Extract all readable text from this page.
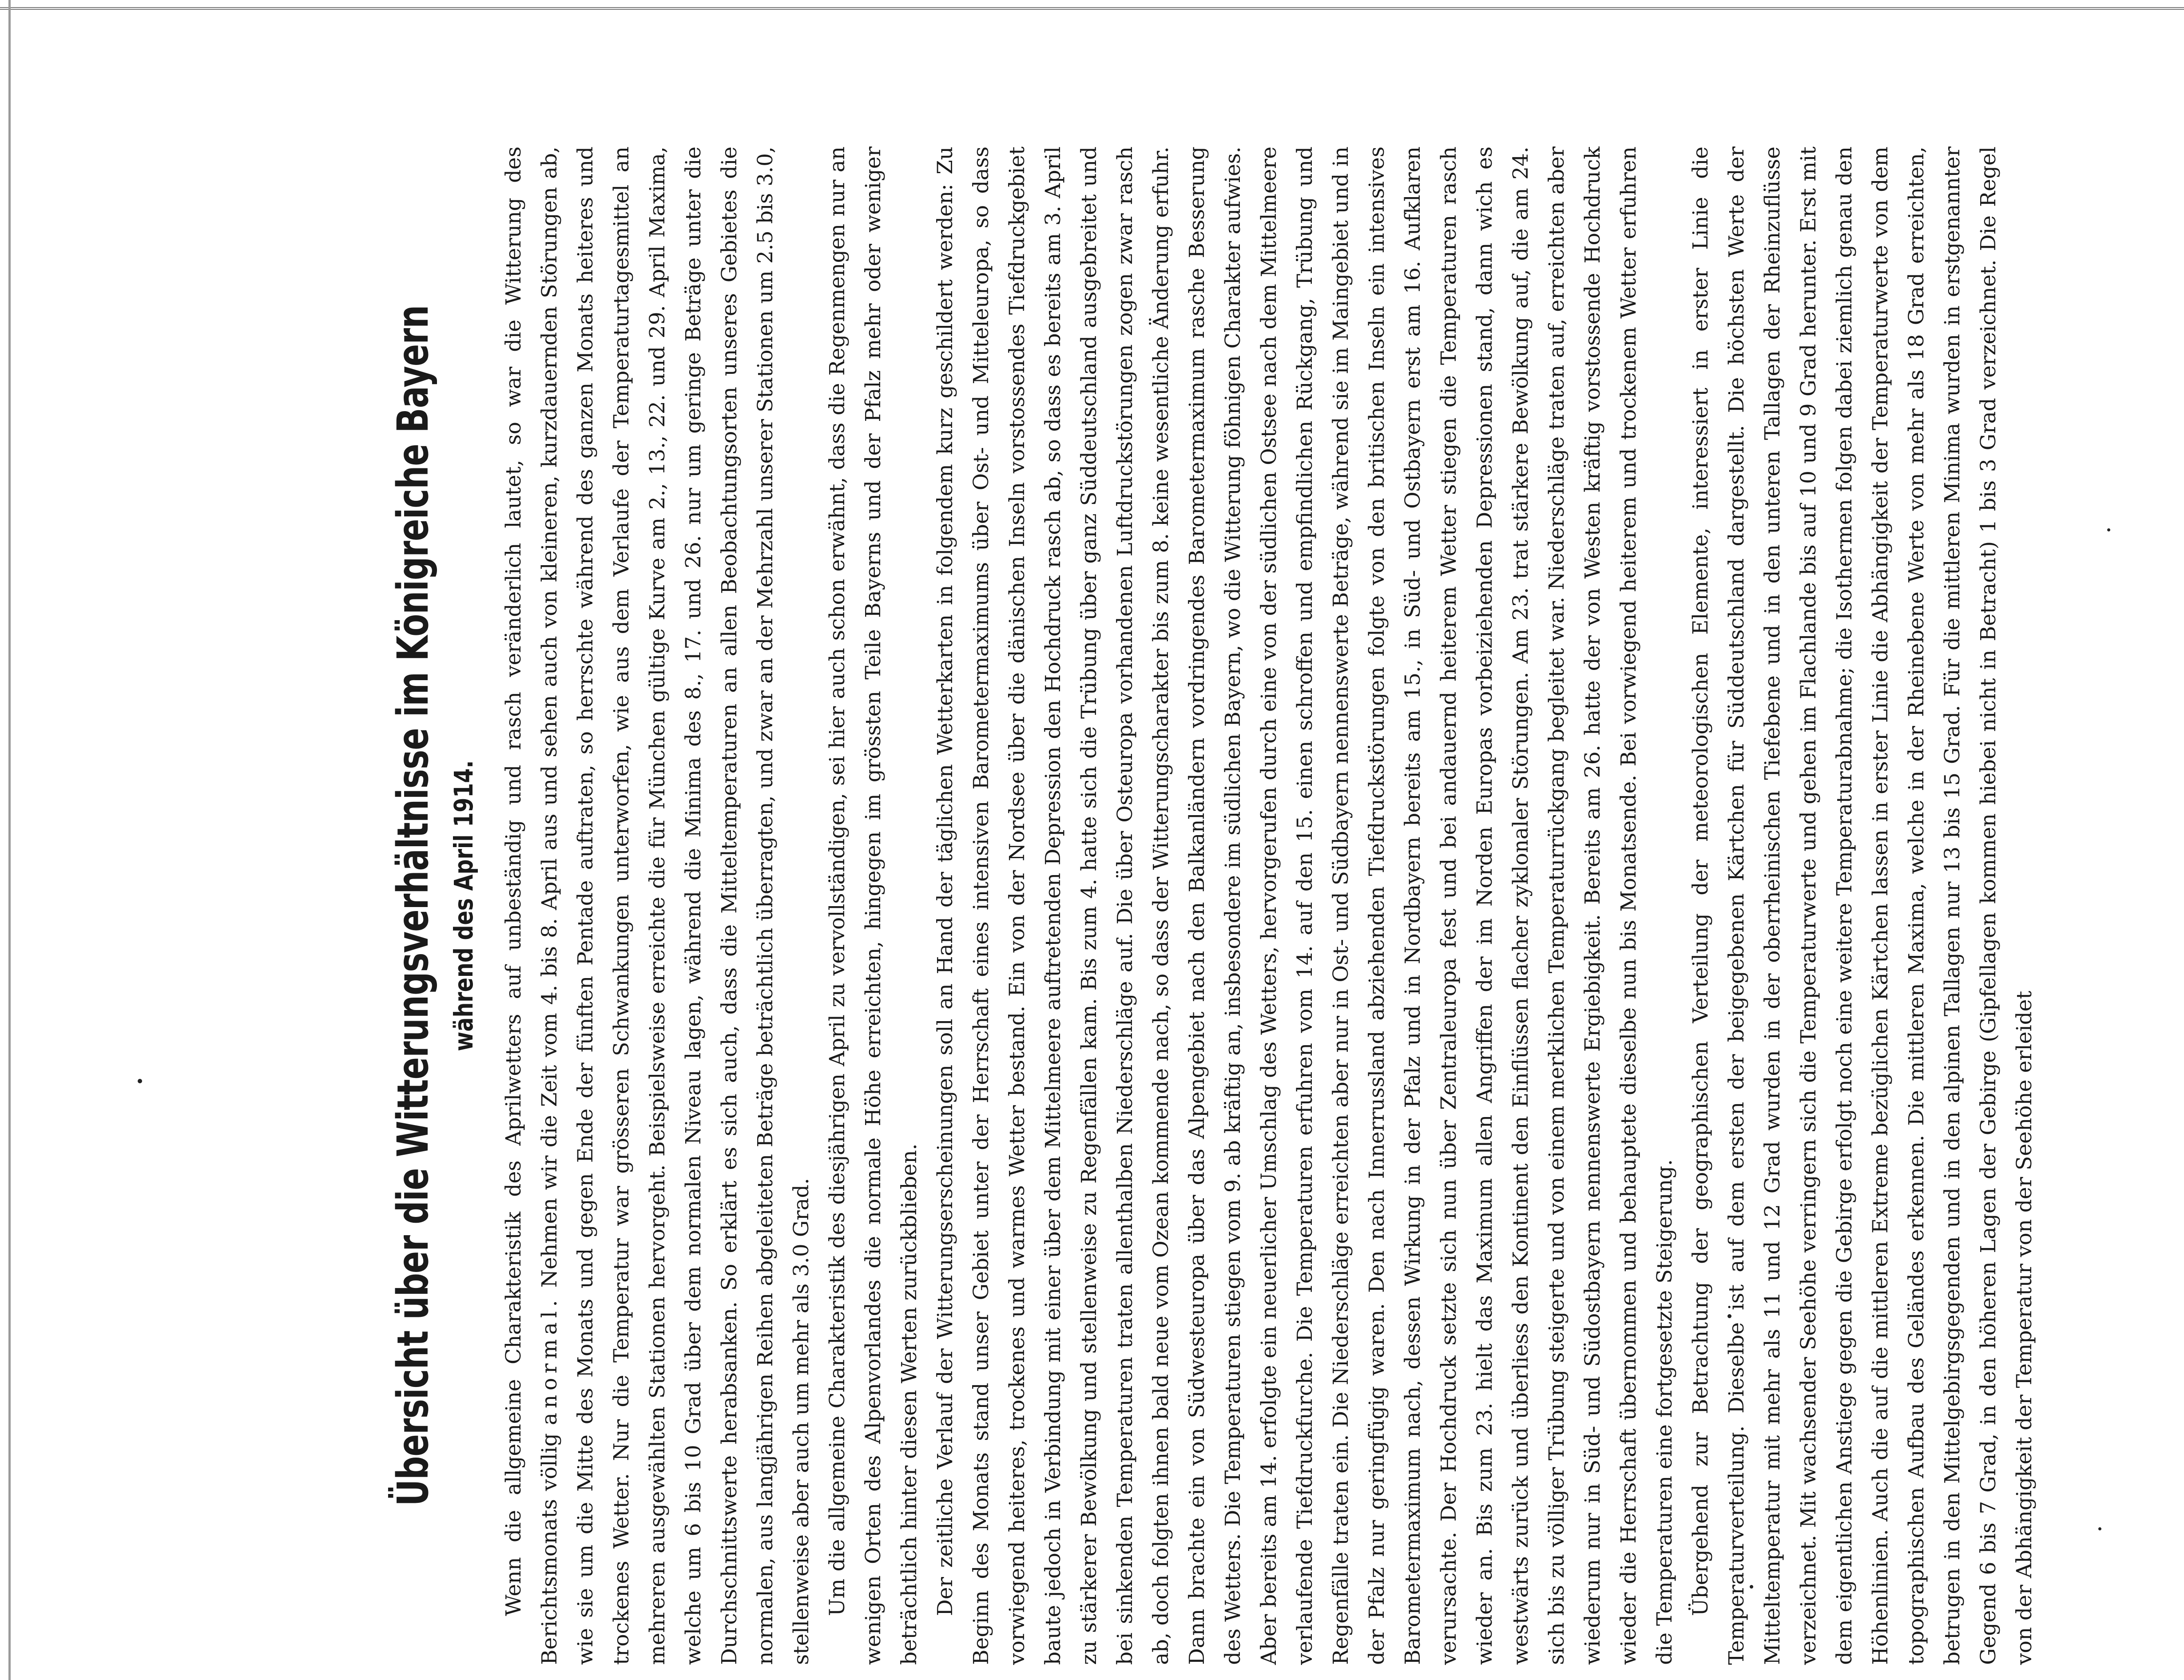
Übersicht über die Witterungsverhältnisse im Königreiche Bayern während des April 1914. Wenn die allgemeine Charakteristik des Aprilwetters auf unbeständig und rasch veränderlich lautet, so war die Witterung des Berichtsmonats völlig anormal. Nehmen wir die Zeit vom 4. bis 8. April aus und sehen auch von kleineren, kurzdauernden Störungen ab, wie sie um die Mitte des Monats und gegen Ende der fünften Pentade auftraten, so herrschte während des ganzen Monats heiteres und trockenes Wetter. Nur die Temperatur war grösseren Schwankungen unterworfen, wie aus dem Verlaufe der Temperaturtagesmittel an mehreren ausgewählten Stationen hervorgeht. Beispielsweise erreichte die für München gültige Kurve am 2., 13., 22. und 29. April Maxima, welche um 6 bis 10 Grad über dem normalen Niveau lagen, während die Minima des 8., 17. und 26. nur um geringe Beträge unter die Durchschnittswerte herabsanken. So erklärt es sich auch, dass die Mitteltemperaturen an allen Beobachtungsorten unseres Gebietes die normalen, aus langjährigen Reihen abgeleiteten Beträge beträchtlich überragten, und zwar an der Mehrzahl unserer Stationen um 2.5 bis 3.0, stellenweise aber auch um mehr als 3.0 Grad. Um die allgemeine Charakteristik des diesjährigen April zu vervollständigen, sei hier auch schon erwähnt, dass die Regenmengen nur an wenigen Orten des Alpenvorlandes die normale Höhe erreichten, hingegen im grössten Teile Bayerns und der Pfalz mehr oder weniger beträchtlich hinter diesen Werten zurückblieben. Der zeitliche Verlauf der Witterungserscheinungen soll an Hand der täglichen Wetterkarten in folgendem kurz geschildert werden: Zu Beginn des Monats stand unser Gebiet unter der Herrschaft eines intensiven Barometermaximums über Ost- und Mitteleuropa, so dass vorwiegend heiteres, trockenes und warmes Wetter bestand. Ein von der Nordsee über die dänischen Inseln vorstossendes Tiefdruckgebiet baute jedoch in Verbindung mit einer über dem Mittelmeere auftretenden Depression den Hochdruck rasch ab, so dass es bereits am 3. April zu stärkerer Bewölkung und stellenweise zu Regenfällen kam. Bis zum 4. hatte sich die Trübung über ganz Süddeutschland ausgebreitet und bei sinkenden Temperaturen traten allenthalben Niederschläge auf. Die über Osteuropa vorhandenen Luftdruckstörungen zogen zwar rasch ab, doch folgten ihnen bald neue vom Ozean kommende nach, so dass der Witterungscharakter bis zum 8. keine wesentliche Änderung erfuhr. Dann brachte ein von Südwesteuropa über das Alpengebiet nach den Balkanländern vordringendes Barometermaximum rasche Besserung des Wetters. Die Temperaturen stiegen vom 9. ab kräftig an, insbesondere im südlichen Bayern, wo die Witterung föhnigen Charakter aufwies. Aber bereits am 14. erfolgte ein neuerlicher Umschlag des Wetters, hervorgerufen durch eine von der südlichen Ostsee nach dem Mittelmeere verlaufende Tiefdruckfurche. Die Temperaturen erfuhren vom 14. auf den 15. einen schroffen und empfindlichen Rückgang, Trübung und Regenfälle traten ein. Die Niederschläge erreichten aber nur in Ost- und Südbayern nennenswerte Beträge, während sie im Maingebiet und in der Pfalz nur geringfügig waren. Den nach Innerrussland abziehenden Tiefdruckstörungen folgte von den britischen Inseln ein intensives Barometermaximum nach, dessen Wirkung in der Pfalz und in Nordbayern bereits am 15., in Süd- und Ostbayern erst am 16. Aufklaren verursachte. Der Hochdruck setzte sich nun über Zentraleuropa fest und bei andauernd heiterem Wetter stiegen die Temperaturen rasch wieder an. Bis zum 23. hielt das Maximum allen Angriffen der im Norden Europas vorbeiziehenden Depressionen stand, dann wich es westwärts zurück und überliess den Kontinent den Einflüssen flacher zyklonaler Störungen. Am 23. trat stärkere Bewölkung auf, die am 24. sich bis zu völliger Trübung steigerte und von einem merklichen Temperaturrückgang begleitet war. Niederschläge traten auf, erreichten aber wiederum nur in Süd- und Südostbayern nennenswerte Ergiebigkeit. Bereits am 26. hatte der von Westen kräftig vorstossende Hochdruck wieder die Herrschaft übernommen und behauptete dieselbe nun bis Monatsende. Bei vorwiegend heiterem und trockenem Wetter erfuhren die Temperaturen eine fortgesetzte Steigerung. Übergehend zur Betrachtung der geographischen Verteilung der meteorologischen Elemente, interessiert in erster Linie die Temperaturverteilung. Dieselbe ist auf dem ersten der beigegebenen Kärtchen für Süddeutschland dargestellt. Die höchsten Werte der Mitteltemperatur mit mehr als 11 und 12 Grad wurden in der oberrheinischen Tiefebene und in den unteren Tallagen der Rheinzuflüsse verzeichnet. Mit wachsender Seehöhe verringern sich die Temperaturwerte und gehen im Flachlande bis auf 10 und 9 Grad herunter. Erst mit dem eigentlichen Anstiege gegen die Gebirge erfolgt noch eine weitere Temperaturabnahme; die Isothermen folgen dabei ziemlich genau den Höhenlinien. Auch die auf die mittleren Extreme bezüglichen Kärtchen lassen in erster Linie die Abhängigkeit der Temperaturwerte von dem topographischen Aufbau des Geländes erkennen. Die mittleren Maxima, welche in der Rheinebene Werte von mehr als 18 Grad erreichten, betrugen in den Mittelgebirgsgegenden und in den alpinen Tallagen nur 13 bis 15 Grad. Für die mittleren Minima wurden in erstgenannter Gegend 6 bis 7 Grad, in den höheren Lagen der Gebirge (Gipfellagen kommen hiebei nicht in Betracht) 1 bis 3 Grad verzeichnet. Die Regel von der Abhängigkeit der Temperatur von der Seehöhe erleidet
